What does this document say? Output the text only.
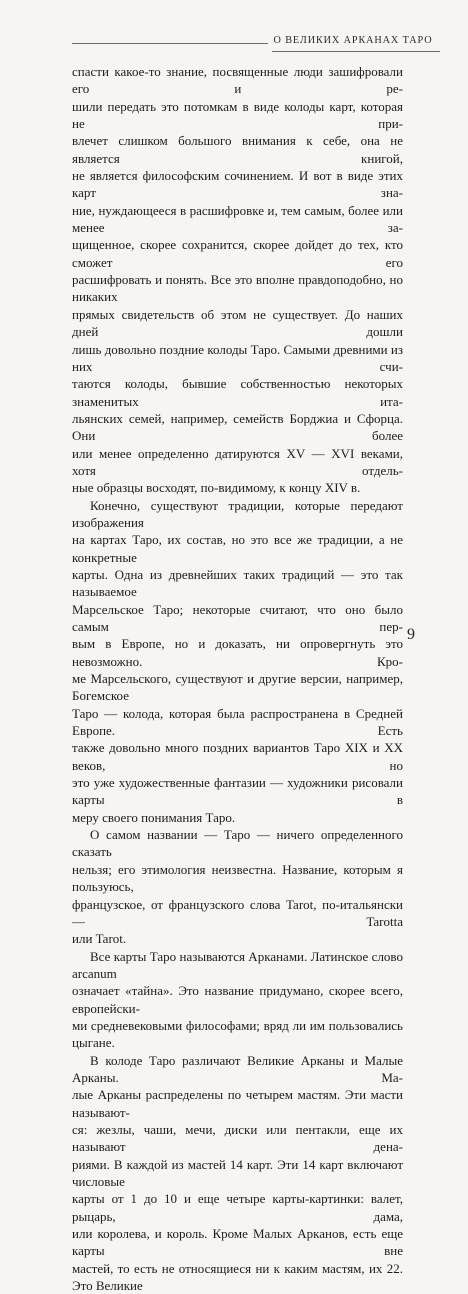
О ВЕЛИКИХ АРКАНАХ ТАРО

спасти какое-то знание, посвященные люди зашифровали его и ре-

шили передать это потомкам в виде колоды карт, которая не при-

влечет слишком большого внимания к себе, она не является книгой,

не является философским сочинением. И вот в виде этих карт зна-

ние, нуждающееся в расшифровке и, тем самым, более или менее за-

щищенное, скорее сохранится, скорее дойдет до тех, кто сможет его

расшифровать и понять. Все это вполне правдоподобно, но никаких

прямых свидетельств об этом не существует. До наших дней дошли

лишь довольно поздние колоды Таро. Самыми древними из них счи-

таются колоды, бывшие собственностью некоторых знаменитых ита-

льянских семей, например, семейств Борджиа и Сфорца. Они более

или менее определенно датируются XV — XVI веками, хотя отдель-

ные образцы восходят, по-видимому, к концу XIV в.

Конечно, существуют традиции, которые передают изображения

на картах Таро, их состав, но это все же традиции, а не конкретные

карты. Одна из древнейших таких традиций — это так называемое

Марсельское Таро; некоторые считают, что оно было самым пер-

вым в Европе, но и доказать, ни опровергнуть это невозможно. Кро-

ме Марсельского, существуют и другие версии, например, Богемское

Таро — колода, которая была распространена в Средней Европе. Есть

также довольно много поздних вариантов Таро XIX и XX веков, но

это уже художественные фантазии — художники рисовали карты в

меру своего понимания Таро.

О самом названии — Таро — ничего определенного сказать

нельзя; его этимология неизвестна. Название, которым я пользуюсь,

французское, от французского слова Tarot, по-итальянски — Tarotta

или Tarot.

Все карты Таро называются Арканами. Латинское слово arcanum

означает «тайна». Это название придумано, скорее всего, европейски-

ми средневековыми философами; вряд ли им пользовались цыгане.

В колоде Таро различают Великие Арканы и Малые Арканы. Ма-

лые Арканы распределены по четырем мастям. Эти масти называют-

ся: жезлы, чаши, мечи, диски или пентакли, еще их называют дена-

риями. В каждой из мастей 14 карт. Эти 14 карт включают числовые

карты от 1 до 10 и еще четыре карты-картинки: валет, рыцарь, дама,

или королева, и король. Кроме Малых Арканов, есть еще карты вне

мастей, то есть не относящиеся ни к каким мастям, их 22. Это Великие

9
